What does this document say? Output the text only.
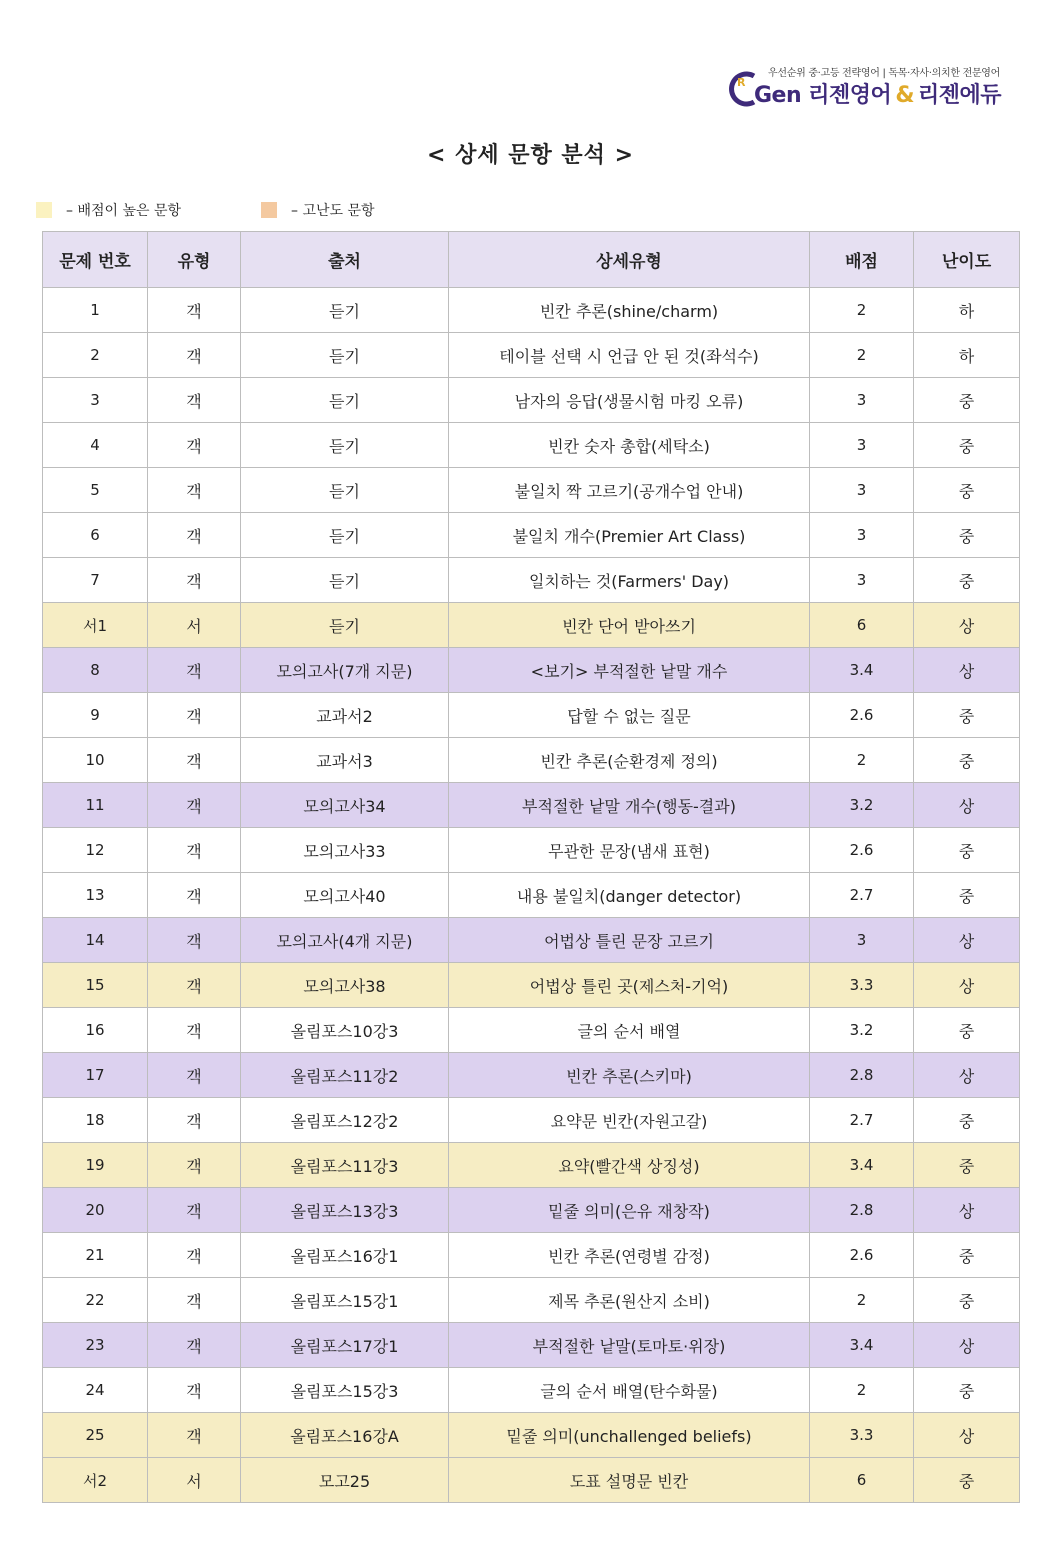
R
우선순위 중·고등 전략영어 | 독목·자사·의치한 전문영어
Gen 리젠영어 & 리젠에듀
< 상세 문항 분석 >
– 배점이 높은 문항	– 고난도 문항
문제 번호	유형	출처	상세유형	배점	난이도
1	객	듣기	빈칸 추론(shine/charm)	2	하
2	객	듣기	테이블 선택 시 언급 안 된 것(좌석수)	2	하
3	객	듣기	남자의 응답(생물시험 마킹 오류)	3	중
4	객	듣기	빈칸 숫자 총합(세탁소)	3	중
5	객	듣기	불일치 짝 고르기(공개수업 안내)	3	중
6	객	듣기	불일치 개수(Premier Art Class)	3	중
7	객	듣기	일치하는 것(Farmers' Day)	3	중
서1	서	듣기	빈칸 단어 받아쓰기	6	상
8	객	모의고사(7개 지문)	<보기> 부적절한 낱말 개수	3.4	상
9	객	교과서2	답할 수 없는 질문	2.6	중
10	객	교과서3	빈칸 추론(순환경제 정의)	2	중
11	객	모의고사34	부적절한 낱말 개수(행동-결과)	3.2	상
12	객	모의고사33	무관한 문장(냄새 표현)	2.6	중
13	객	모의고사40	내용 불일치(danger detector)	2.7	중
14	객	모의고사(4개 지문)	어법상 틀린 문장 고르기	3	상
15	객	모의고사38	어법상 틀린 곳(제스처-기억)	3.3	상
16	객	올림포스10강3	글의 순서 배열	3.2	중
17	객	올림포스11강2	빈칸 추론(스키마)	2.8	상
18	객	올림포스12강2	요약문 빈칸(자원고갈)	2.7	중
19	객	올림포스11강3	요약(빨간색 상징성)	3.4	중
20	객	올림포스13강3	밑줄 의미(은유 재창작)	2.8	상
21	객	올림포스16강1	빈칸 추론(연령별 감정)	2.6	중
22	객	올림포스15강1	제목 추론(원산지 소비)	2	중
23	객	올림포스17강1	부적절한 낱말(토마토·위장)	3.4	상
24	객	올림포스15강3	글의 순서 배열(탄수화물)	2	중
25	객	올림포스16강A	밑줄 의미(unchallenged beliefs)	3.3	상
서2	서	모고25	도표 설명문 빈칸	6	중
